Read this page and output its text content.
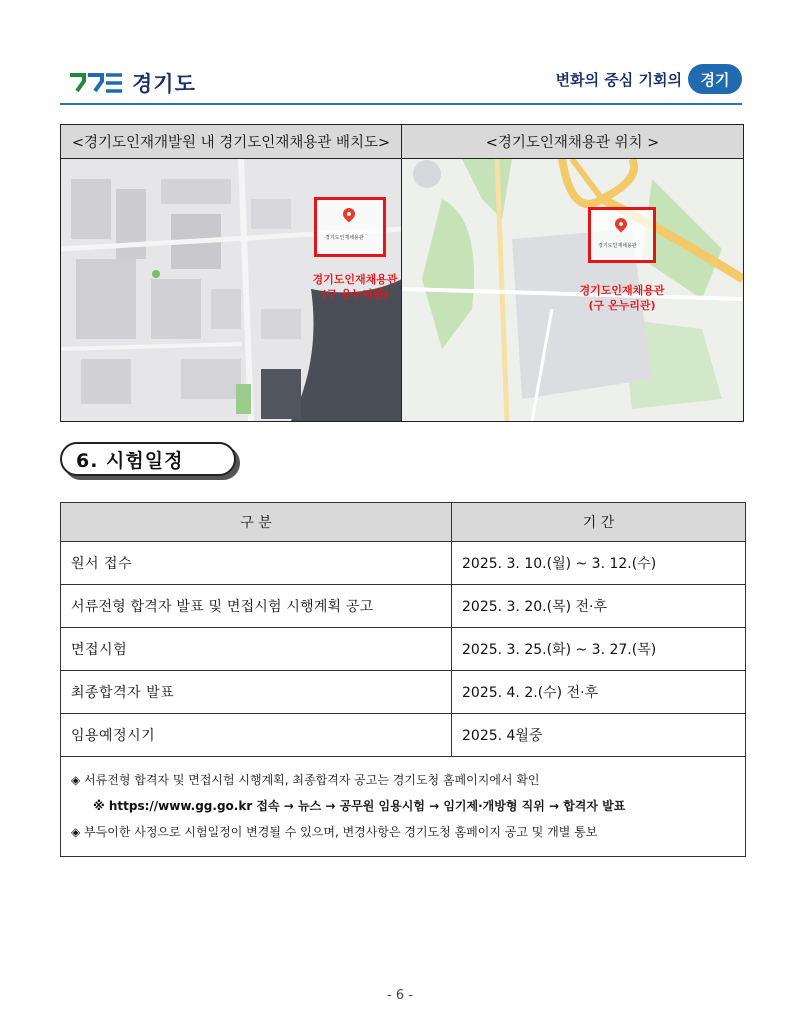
경기도	변화의 중심 기회의	경기
<경기도인재개발원 내 경기도인재채용관 배치도>	<경기도인재채용관 위치 >
경기도인재채용관
경기도인재채용관
(구 온누리관)
경기도인재채용관
경기도인재채용관
(구 온누리관)
6. 시험일정
구 분	기 간
원서 접수	2025. 3. 10.(월) ~ 3. 12.(수)
서류전형 합격자 발표 및 면접시험 시행계획 공고	2025. 3. 20.(목) 전·후
면접시험	2025. 3. 25.(화) ~ 3. 27.(목)
최종합격자 발표	2025. 4. 2.(수) 전·후
임용예정시기	2025. 4월중
◈ 서류전형 합격자 및 면접시험 시행계획, 최종합격자 공고는 경기도청 홈페이지에서 확인
※ https://www.gg.go.kr 접속 → 뉴스 → 공무원 임용시험 → 임기제·개방형 직위 → 합격자 발표
◈ 부득이한 사정으로 시험일정이 변경될 수 있으며, 변경사항은 경기도청 홈페이지 공고 및 개별 통보
- 6 -
